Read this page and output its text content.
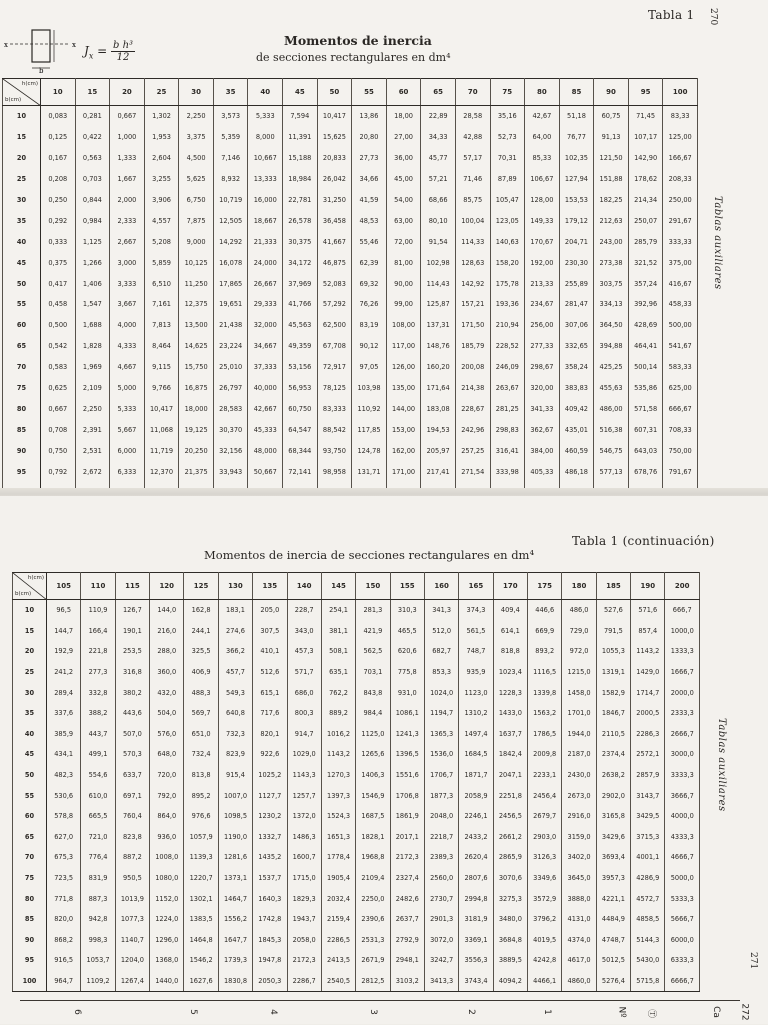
Tabla 1 270
x	x
b
$J_x = \frac{\text{b h³}}{12}$	Momentos de inercia
de secciones rectangulares en dm⁴
h(cm)
b(cm)	10	15	20	25	30	35	40	45	50	55	60	65	70	75	80	85	90	95	100
10	0,083	0,281	0,667	1,302	2,250	3,573	5,333	7,594	10,417	13,86	18,00	22,89	28,58	35,16	42,67	51,18	60,75	71,45	83,33
15	0,125	0,422	1,000	1,953	3,375	5,359	8,000	11,391	15,625	20,80	27,00	34,33	42,88	52,73	64,00	76,77	91,13	107,17	125,00
20	0,167	0,563	1,333	2,604	4,500	7,146	10,667	15,188	20,833	27,73	36,00	45,77	57,17	70,31	85,33	102,35	121,50	142,90	166,67
25	0,208	0,703	1,667	3,255	5,625	8,932	13,333	18,984	26,042	34,66	45,00	57,21	71,46	87,89	106,67	127,94	151,88	178,62	208,33
30	0,250	0,844	2,000	3,906	6,750	10,719	16,000	22,781	31,250	41,59	54,00	68,66	85,75	105,47	128,00	153,53	182,25	214,34	250,00
35	0,292	0,984	2,333	4,557	7,875	12,505	18,667	26,578	36,458	48,53	63,00	80,10	100,04	123,05	149,33	179,12	212,63	250,07	291,67
40	0,333	1,125	2,667	5,208	9,000	14,292	21,333	30,375	41,667	55,46	72,00	91,54	114,33	140,63	170,67	204,71	243,00	285,79	333,33
45	0,375	1,266	3,000	5,859	10,125	16,078	24,000	34,172	46,875	62,39	81,00	102,98	128,63	158,20	192,00	230,30	273,38	321,52	375,00
50	0,417	1,406	3,333	6,510	11,250	17,865	26,667	37,969	52,083	69,32	90,00	114,43	142,92	175,78	213,33	255,89	303,75	357,24	416,67
55	0,458	1,547	3,667	7,161	12,375	19,651	29,333	41,766	57,292	76,26	99,00	125,87	157,21	193,36	234,67	281,47	334,13	392,96	458,33
60	0,500	1,688	4,000	7,813	13,500	21,438	32,000	45,563	62,500	83,19	108,00	137,31	171,50	210,94	256,00	307,06	364,50	428,69	500,00
65	0,542	1,828	4,333	8,464	14,625	23,224	34,667	49,359	67,708	90,12	117,00	148,76	185,79	228,52	277,33	332,65	394,88	464,41	541,67
70	0,583	1,969	4,667	9,115	15,750	25,010	37,333	53,156	72,917	97,05	126,00	160,20	200,08	246,09	298,67	358,24	425,25	500,14	583,33
75	0,625	2,109	5,000	9,766	16,875	26,797	40,000	56,953	78,125	103,98	135,00	171,64	214,38	263,67	320,00	383,83	455,63	535,86	625,00
80	0,667	2,250	5,333	10,417	18,000	28,583	42,667	60,750	83,333	110,92	144,00	183,08	228,67	281,25	341,33	409,42	486,00	571,58	666,67
85	0,708	2,391	5,667	11,068	19,125	30,370	45,333	64,547	88,542	117,85	153,00	194,53	242,96	298,83	362,67	435,01	516,38	607,31	708,33
90	0,750	2,531	6,000	11,719	20,250	32,156	48,000	68,344	93,750	124,78	162,00	205,97	257,25	316,41	384,00	460,59	546,75	643,03	750,00
95	0,792	2,672	6,333	12,370	21,375	33,943	50,667	72,141	98,958	131,71	171,00	217,41	271,54	333,98	405,33	486,18	577,13	678,76	791,67

Tablas auxiliares
Tabla 1 (continuación)
Momentos de inercia de secciones rectangulares en dm⁴
Tablas auxiliares
271
h(cm)
b(cm)	105	110	115	120	125	130	135	140	145	150	155	160	165	170	175	180	185	190	200
10	96,5	110,9	126,7	144,0	162,8	183,1	205,0	228,7	254,1	281,3	310,3	341,3	374,3	409,4	446,6	486,0	527,6	571,6	666,7
15	144,7	166,4	190,1	216,0	244,1	274,6	307,5	343,0	381,1	421,9	465,5	512,0	561,5	614,1	669,9	729,0	791,5	857,4	1000,0
20	192,9	221,8	253,5	288,0	325,5	366,2	410,1	457,3	508,1	562,5	620,6	682,7	748,7	818,8	893,2	972,0	1055,3	1143,2	1333,3
25	241,2	277,3	316,8	360,0	406,9	457,7	512,6	571,7	635,1	703,1	775,8	853,3	935,9	1023,4	1116,5	1215,0	1319,1	1429,0	1666,7
30	289,4	332,8	380,2	432,0	488,3	549,3	615,1	686,0	762,2	843,8	931,0	1024,0	1123,0	1228,3	1339,8	1458,0	1582,9	1714,7	2000,0
35	337,6	388,2	443,6	504,0	569,7	640,8	717,6	800,3	889,2	984,4	1086,1	1194,7	1310,2	1433,0	1563,2	1701,0	1846,7	2000,5	2333,3
40	385,9	443,7	507,0	576,0	651,0	732,3	820,1	914,7	1016,2	1125,0	1241,3	1365,3	1497,4	1637,7	1786,5	1944,0	2110,5	2286,3	2666,7
45	434,1	499,1	570,3	648,0	732,4	823,9	922,6	1029,0	1143,2	1265,6	1396,5	1536,0	1684,5	1842,4	2009,8	2187,0	2374,4	2572,1	3000,0
50	482,3	554,6	633,7	720,0	813,8	915,4	1025,2	1143,3	1270,3	1406,3	1551,6	1706,7	1871,7	2047,1	2233,1	2430,0	2638,2	2857,9	3333,3
55	530,6	610,0	697,1	792,0	895,2	1007,0	1127,7	1257,7	1397,3	1546,9	1706,8	1877,3	2058,9	2251,8	2456,4	2673,0	2902,0	3143,7	3666,7
60	578,8	665,5	760,4	864,0	976,6	1098,5	1230,2	1372,0	1524,3	1687,5	1861,9	2048,0	2246,1	2456,5	2679,7	2916,0	3165,8	3429,5	4000,0
65	627,0	721,0	823,8	936,0	1057,9	1190,0	1332,7	1486,3	1651,3	1828,1	2017,1	2218,7	2433,2	2661,2	2903,0	3159,0	3429,6	3715,3	4333,3
70	675,3	776,4	887,2	1008,0	1139,3	1281,6	1435,2	1600,7	1778,4	1968,8	2172,3	2389,3	2620,4	2865,9	3126,3	3402,0	3693,4	4001,1	4666,7
75	723,5	831,9	950,5	1080,0	1220,7	1373,1	1537,7	1715,0	1905,4	2109,4	2327,4	2560,0	2807,6	3070,6	3349,6	3645,0	3957,3	4286,9	5000,0
80	771,8	887,3	1013,9	1152,0	1302,1	1464,7	1640,3	1829,3	2032,4	2250,0	2482,6	2730,7	2994,8	3275,3	3572,9	3888,0	4221,1	4572,7	5333,3
85	820,0	942,8	1077,3	1224,0	1383,5	1556,2	1742,8	1943,7	2159,4	2390,6	2637,7	2901,3	3181,9	3480,0	3796,2	4131,0	4484,9	4858,5	5666,7
90	868,2	998,3	1140,7	1296,0	1464,8	1647,7	1845,3	2058,0	2286,5	2531,3	2792,9	3072,0	3369,1	3684,8	4019,5	4374,0	4748,7	5144,3	6000,0
95	916,5	1053,7	1204,0	1368,0	1546,2	1739,3	1947,8	2172,3	2413,5	2671,9	2948,1	3242,7	3556,3	3889,5	4242,8	4617,0	5012,5	5430,0	6333,3
100	964,7	1109,2	1267,4	1440,0	1627,6	1830,8	2050,3	2286,7	2540,5	2812,5	3103,2	3413,3	3743,4	4094,2	4466,1	4860,0	5276,4	5715,8	6666,7
6	5	4	3	2	1	Nº Ⓣ	Ca 272
